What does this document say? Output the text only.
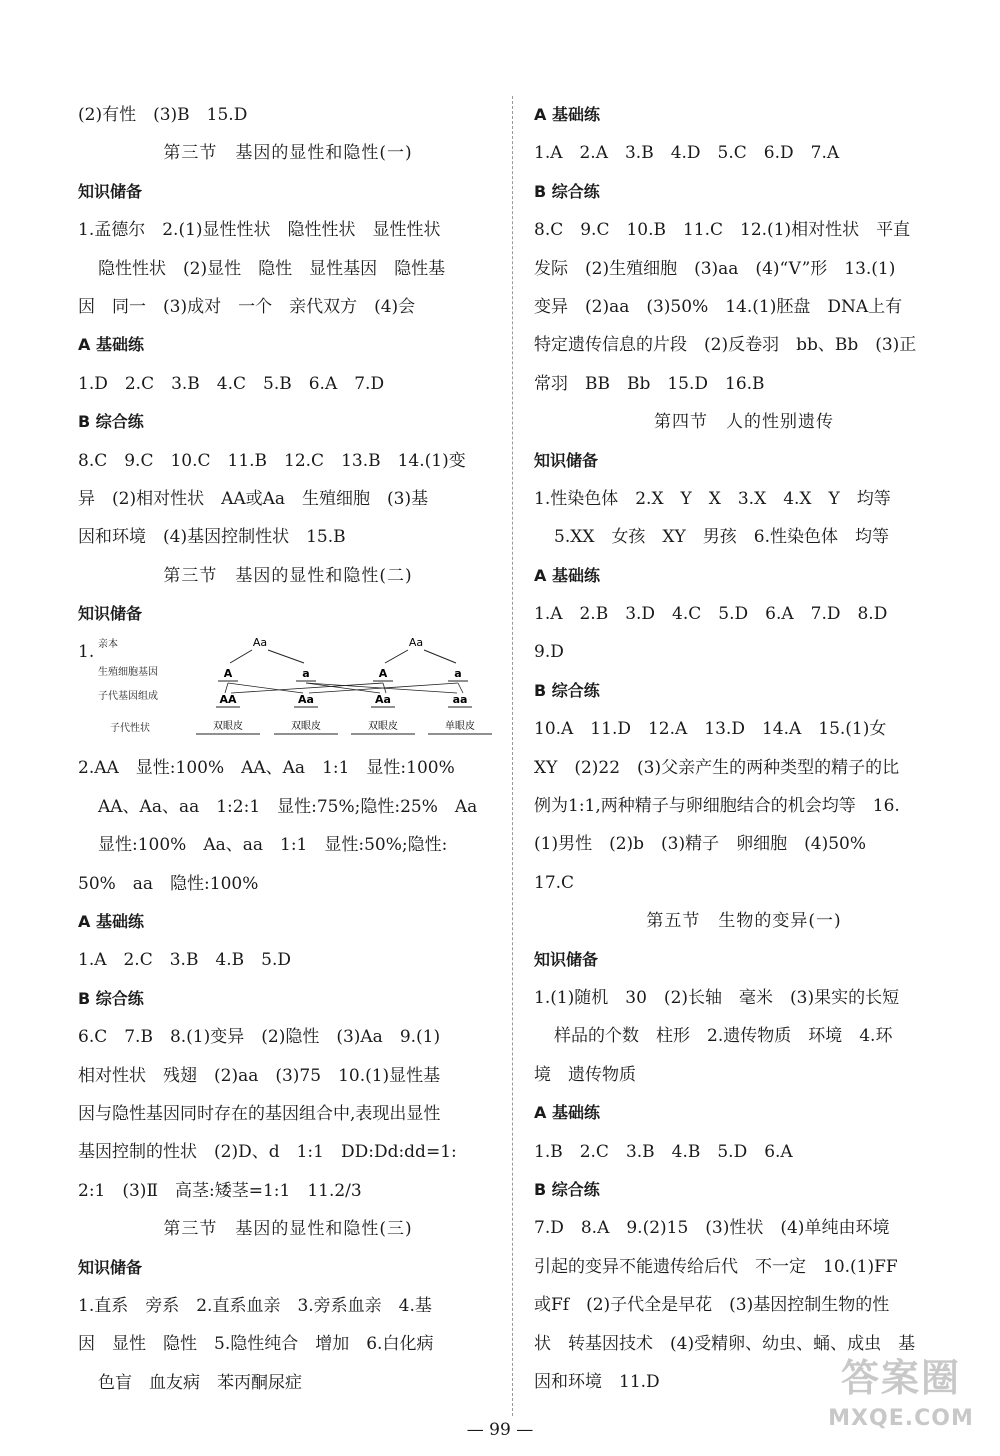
(2)有性　(3)B　15.D
第三节　基因的显性和隐性(一)
知识储备
1.孟德尔　2.(1)显性性状　隐性性状　显性性状
隐性性状　(2)显性　隐性　显性基因　隐性基
因　同一　(3)成对　一个　亲代双方　(4)会
A 基础练
1.D　2.C　3.B　4.C　5.B　6.A　7.D
B 综合练
8.C　9.C　10.C　11.B　12.C　13.B　14.(1)变
异　(2)相对性状　AA或Aa　生殖细胞　(3)基
因和环境　(4)基因控制性状　15.B
第三节　基因的显性和隐性(二)
知识储备
1. 亲本
生殖细胞基因
子代基因组成
子代性状
Aa	Aa
A	a	A	a
AA	Aa	Aa	aa
双眼皮	双眼皮	双眼皮	单眼皮
2.AA　显性:100%　AA、Aa　1:1　显性:100%
AA、Aa、aa　1:2:1　显性:75%;隐性:25%　Aa
显性:100%　Aa、aa　1:1　显性:50%;隐性:
50%　aa　隐性:100%
A 基础练
1.A　2.C　3.B　4.B　5.D
B 综合练
6.C　7.B　8.(1)变异　(2)隐性　(3)Aa　9.(1)
相对性状　残翅　(2)aa　(3)75　10.(1)显性基
因与隐性基因同时存在的基因组合中,表现出显性
基因控制的性状　(2)D、d　1:1　DD:Dd:dd=1:
2:1　(3)Ⅱ　高茎:矮茎=1:1　11.2/3
第三节　基因的显性和隐性(三)
知识储备
1.直系　旁系　2.直系血亲　3.旁系血亲　4.基
因　显性　隐性　5.隐性纯合　增加　6.白化病
色盲　血友病　苯丙酮尿症
A 基础练
1.A　2.A　3.B　4.D　5.C　6.D　7.A
B 综合练
8.C　9.C　10.B　11.C　12.(1)相对性状　平直
发际　(2)生殖细胞　(3)aa　(4)“V”形　13.(1)
变异　(2)aa　(3)50%　14.(1)胚盘　DNA上有
特定遗传信息的片段　(2)反卷羽　bb、Bb　(3)正
常羽　BB　Bb　15.D　16.B
第四节　人的性别遗传
知识储备
1.性染色体　2.X　Y　X　3.X　4.X　Y　均等
5.XX　女孩　XY　男孩　6.性染色体　均等
A 基础练
1.A　2.B　3.D　4.C　5.D　6.A　7.D　8.D
9.D
B 综合练
10.A　11.D　12.A　13.D　14.A　15.(1)女
XY　(2)22　(3)父亲产生的两种类型的精子的比
例为1:1,两种精子与卵细胞结合的机会均等　16.
(1)男性　(2)b　(3)精子　卵细胞　(4)50%
17.C
第五节　生物的变异(一)
知识储备
1.(1)随机　30　(2)长轴　毫米　(3)果实的长短
样品的个数　柱形　2.遗传物质　环境　4.环
境　遗传物质
A 基础练
1.B　2.C　3.B　4.B　5.D　6.A
B 综合练
7.D　8.A　9.(2)15　(3)性状　(4)单纯由环境
引起的变异不能遗传给后代　不一定　10.(1)FF
或Ff　(2)子代全是早花　(3)基因控制生物的性
状　转基因技术　(4)受精卵、幼虫、蛹、成虫　基
因和环境　11.D
— 99 —
答案圈
MXQE.COM
